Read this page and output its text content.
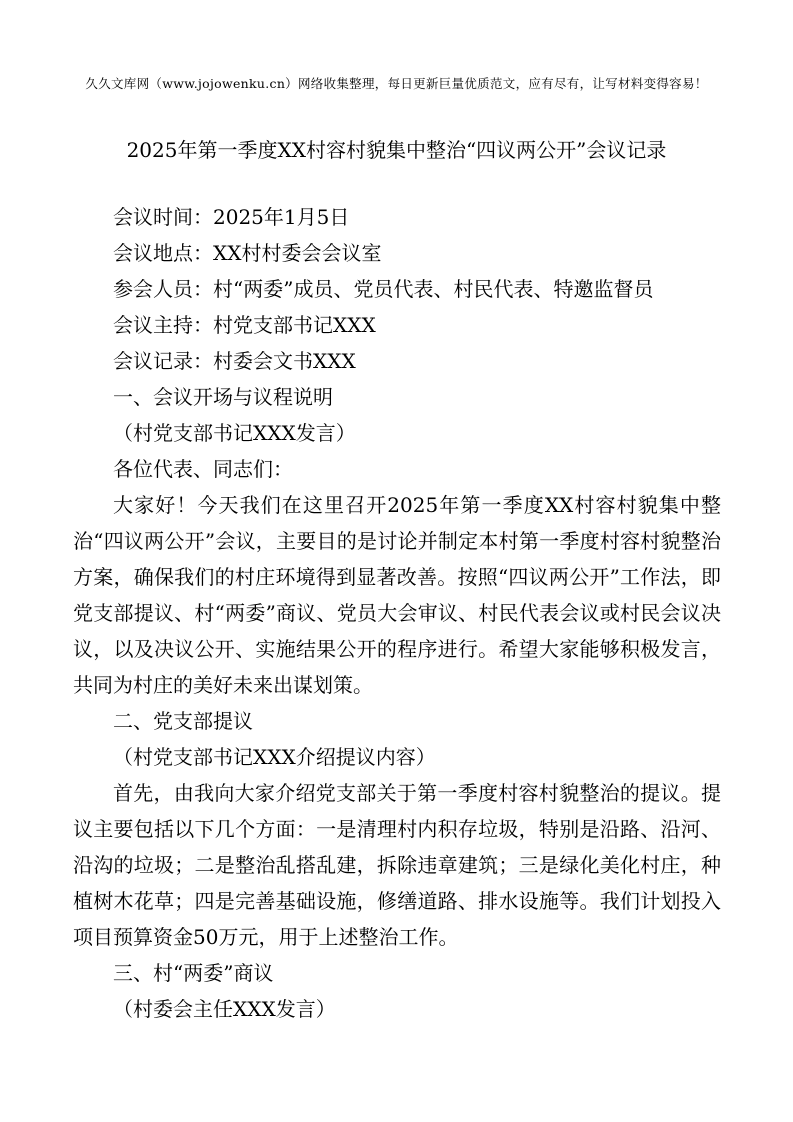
久久文库网（www.jojowenku.cn）网络收集整理，每日更新巨量优质范文，应有尽有，让写材料变得容易！
2025年第一季度XX村容村貌集中整治“四议两公开”会议记录
会议时间：2025年1月5日
会议地点：XX村村委会会议室
参会人员：村“两委”成员、党员代表、村民代表、特邀监督员
会议主持：村党支部书记XXX
会议记录：村委会文书XXX
一、会议开场与议程说明
（村党支部书记XXX发言）
各位代表、同志们：

大家好！今天我们在这里召开2025年第一季度XX村容村貌集中整治“四议两公开”会议，主要目的是讨论并制定本村第一季度村容村貌整治方案，确保我们的村庄环境得到显著改善。按照“四议两公开”工作法，即党支部提议、村“两委”商议、党员大会审议、村民代表会议或村民会议决议，以及决议公开、实施结果公开的程序进行。希望大家能够积极发言，共同为村庄的美好未来出谋划策。

二、党支部提议
（村党支部书记XXX介绍提议内容）

首先，由我向大家介绍党支部关于第一季度村容村貌整治的提议。提议主要包括以下几个方面：一是清理村内积存垃圾，特别是沿路、沿河、沿沟的垃圾；二是整治乱搭乱建，拆除违章建筑；三是绿化美化村庄，种植树木花草；四是完善基础设施，修缮道路、排水设施等。我们计划投入项目预算资金50万元，用于上述整治工作。

三、村“两委”商议
（村委会主任XXX发言）
